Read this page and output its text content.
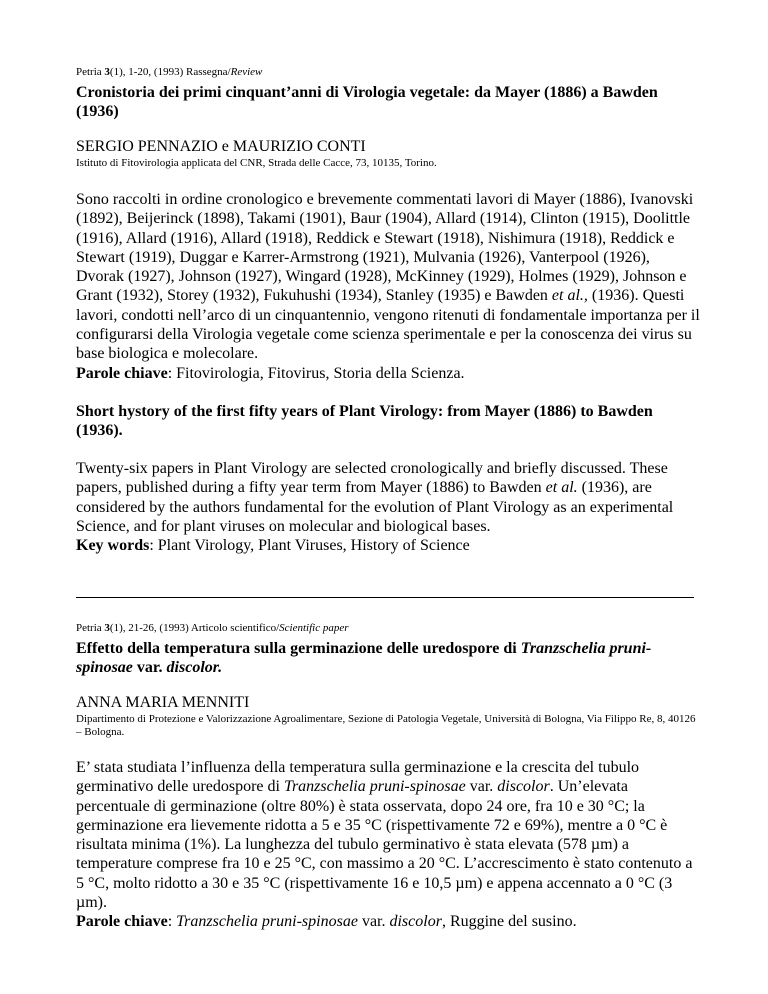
Petria 3(1), 1-20, (1993) Rassegna/Review

Cronistoria dei primi cinquant’anni di Virologia vegetale: da Mayer (1886) a Bawden (1936)

SERGIO PENNAZIO e MAURIZIO CONTI

Istituto di Fitovirologia applicata del CNR, Strada delle Cacce, 73, 10135, Torino.

Sono raccolti in ordine cronologico e brevemente commentati lavori di Mayer (1886), Ivanovski (1892), Beijerinck (1898), Takami (1901), Baur (1904), Allard (1914), Clinton (1915), Doolittle (1916), Allard (1916), Allard (1918), Reddick e Stewart (1918), Nishimura (1918), Reddick e Stewart (1919), Duggar e Karrer-Armstrong (1921), Mulvania (1926), Vanterpool (1926), Dvorak (1927), Johnson (1927), Wingard (1928), McKinney (1929), Holmes (1929), Johnson e Grant (1932), Storey (1932), Fukuhushi (1934), Stanley (1935) e Bawden et al., (1936). Questi lavori, condotti nell’arco di un cinquantennio, vengono ritenuti di fondamentale importanza per il configurarsi della Virologia vegetale come scienza sperimentale e per la conoscenza dei virus su base biologica e molecolare.

Parole chiave: Fitovirologia, Fitovirus, Storia della Scienza.

Short hystory of the first fifty years of Plant Virology: from Mayer (1886) to Bawden (1936).

Twenty-six papers in Plant Virology are selected cronologically and briefly discussed. These papers, published during a fifty year term from Mayer (1886) to Bawden et al. (1936), are considered by the authors fundamental for the evolution of Plant Virology as an experimental Science, and for plant viruses on molecular and biological bases.

Key words: Plant Virology, Plant Viruses, History of Science

Petria 3(1), 21-26, (1993) Articolo scientifico/Scientific paper

Effetto della temperatura sulla germinazione delle uredospore di Tranzschelia pruni-spinosae var. discolor.

ANNA MARIA MENNITI

Dipartimento di Protezione e Valorizzazione Agroalimentare, Sezione di Patologia Vegetale, Università di Bologna, Via Filippo Re, 8, 40126 – Bologna.

E’ stata studiata l’influenza della temperatura sulla germinazione e la crescita del tubulo germinativo delle uredospore di Tranzschelia pruni-spinosae var. discolor. Un’elevata percentuale di germinazione (oltre 80%) è stata osservata, dopo 24 ore, fra 10 e 30 °C; la germinazione era lievemente ridotta a 5 e 35 °C (rispettivamente 72 e 69%), mentre a 0 °C è risultata minima (1%). La lunghezza del tubulo germinativo è stata elevata (578 µm) a temperature comprese fra 10 e 25 °C, con massimo a 20 °C. L’accrescimento è stato contenuto a 5 °C, molto ridotto a 30 e 35 °C (rispettivamente 16 e 10,5 µm) e appena accennato a 0 °C (3 µm).

Parole chiave: Tranzschelia pruni-spinosae var. discolor, Ruggine del susino.
